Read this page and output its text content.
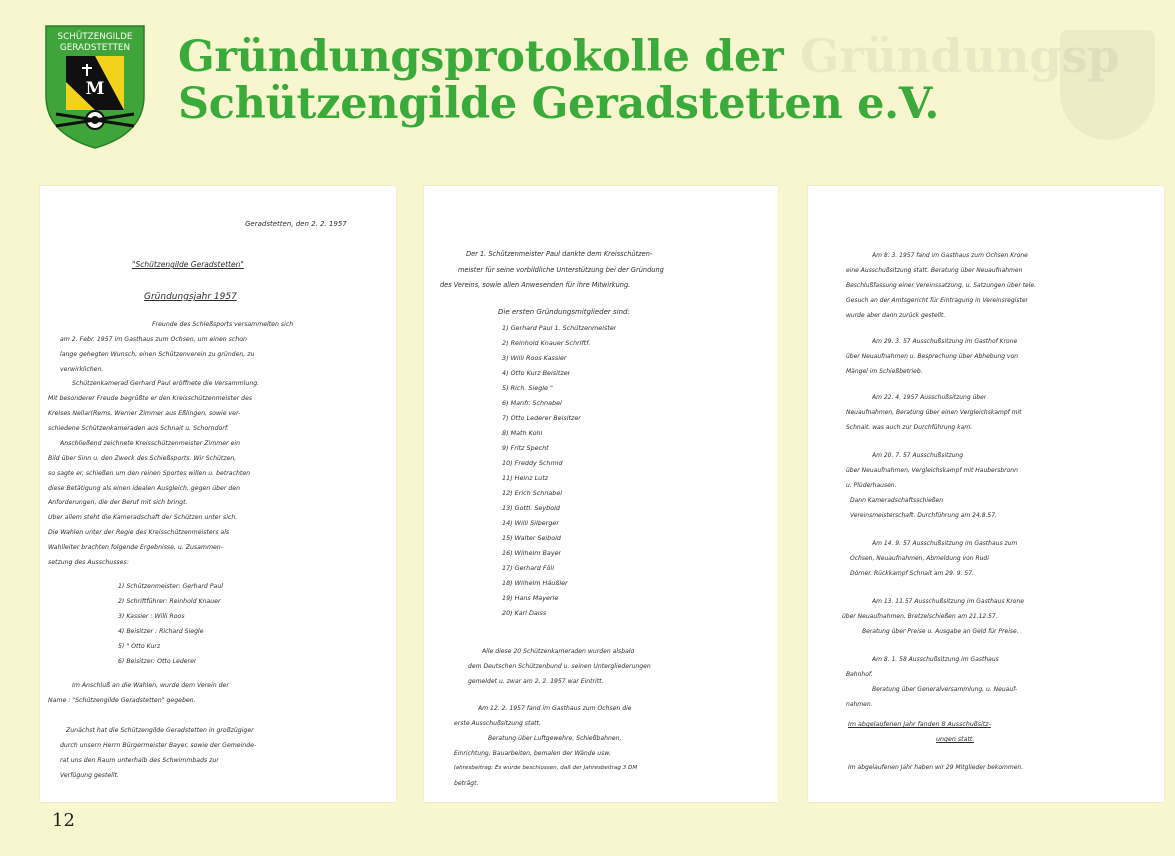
Gründungsp
M
SCHÜTZENGILDE
GERADSTETTEN Gründungsprotokolle der
Schützengilde Geradstetten e.V.

Geradstetten, den 2. 2. 1957

"Schützengilde Geradstetten"

Gründungsjahr 1957

Freunde des Schießsports versammelten sich

am 2. Febr. 1957 im Gasthaus zum Ochsen, um einen schon

lange gehegten Wunsch, einen Schützenverein zu gründen, zu

verwirklichen.

Schützenkamerad Gerhard Paul eröffnete die Versammlung.

Mit besonderer Freude begrüßte er den Kreisschützenmeister des

Kreises Nellar(Rems, Werner Zimmer aus Eßlingen, sowie ver-

schiedene Schützenkameraden aus Schnait u. Schorndorf.

Anschließend zeichnete Kreisschützenmeister Zimmer ein

Bild über Sinn u. den Zweck des Schießsports. Wir Schützen,

so sagte er, schießen um den reinen Sportes willen u. betrachten

diese Betätigung als einen idealen Ausgleich, gegen über den

Anforderungen, die der Beruf mit sich bringt.

Über allem steht die Kameradschaft der Schützen unter sich.

Die Wahlen unter der Regie des Kreisschützenmeisters als

Wahlleiter brachten folgende Ergebnisse, u. Zusammen-

setzung des Ausschusses:

1) Schützenmeister: Gerhard Paul

2) Schriftführer: Reinhold Knauer

3) Kassier : Willi Roos

4) Beisitzer : Richard Siegle

5) " Otto Kurz

6) Beisitzer: Otto Lederer

Im Anschluß an die Wahlen, wurde dem Verein der

Name : "Schützengilde Geradstetten" gegeben.

Zunächst hat die Schützengilde Geradstetten in großzügiger

durch unsern Herrn Bürgermeister Bayer, sowie der Gemeinde-

rat uns den Raum unterhalb des Schwimmbads zur

Verfügung gestellt.

Der 1. Schützenmeister Paul dankte dem Kreisschützen-

meister für seine vorbildliche Unterstützung bei der Gründung

des Vereins, sowie allen Anwesenden für ihre Mitwirkung.

Die ersten Gründungsmitglieder sind:

1) Gerhard Paul 1. Schützenmeister

2) Reinhold Knauer Schriftf.

3) Willi Roos Kassier

4) Otto Kurz Beisitzer

5) Rich. Siegle "

6) Manfr. Schnabel

7) Otto Lederer Beisitzer

8) Math Kohl

9) Fritz Specht

10) Freddy Schmid

11) Heinz Lutz

12) Erich Schnabel

13) Gottl. Seybold

14) Willi Silberger

15) Walter Seibold

16) Wilhelm Bayer

17) Gerhard Föll

18) Wilhelm Häußler

19) Hans Mayerle

20) Karl Daiss

Alle diese 20 Schützenkameraden wurden alsbald

dem Deutschen Schützenbund u. seinen Untergliederungen

gemeldet u. zwar am 2. 2. 1957 war Eintritt.

Am 12. 2. 1957 fand im Gasthaus zum Ochsen die

erste Ausschußsitzung statt.

Beratung über Luftgewehre, Schießbahnen,

Einrichtung, Bauarbeiten, bemalen der Wände usw.

Jahresbeitrag: Es wurde beschlossen, daß der Jahresbeitrag 3 DM

beträgt.

Am 8. 3. 1957 fand im Gasthaus zum Ochsen Krone

eine Ausschußsitzung statt. Beratung über Neuaufnahmen

Beschlußfassung einer Vereinssatzung. u. Satzungen über tele.

Gesuch an der Amtsgericht für Eintragung in Vereinsregister

wurde aber dann zurück gestellt.

Am 29. 3. 57 Ausschußsitzung im Gasthof Krone

über Neuaufnahmen u. Besprechung über Abhebung von

Mängel im Schießbetrieb.

Am 22. 4. 1957 Ausschußsitzung über

Neuaufnahmen, Beratung über einen Vergleichskampf mit

Schnait. was auch zur Durchführung kam.

Am 20. 7. 57 Ausschußsitzung

über Neuaufnahmen, Vergleichskampf mit Haubersbronn

u. Plüderhausen.

Dann Kameradschaftsschießen

Vereinsmeisterschaft. Durchführung am 24.8.57.

Am 14. 9. 57 Ausschußsitzung im Gasthaus zum

Ochsen, Neuaufnahmen, Abmeldung von Rudi

Dörner. Rückkampf Schnait am 29. 9. 57.

Am 13. 11.57 Ausschußsitzung im Gasthaus Krone

über Neuaufnahmen, Bretzelschießen am 21.12.57.

Beratung über Preise u. Ausgabe an Geld für Preise.

Am 8. 1. 58 Ausschußsitzung im Gasthaus

Bahnhof.

Beratung über Generalversammlung, u. Neuauf-

nahmen.

Im abgelaufenen Jahr fanden 8 Ausschußsitz-

ungen statt.

Im abgelaufenen Jahr haben wir 29 Mitglieder bekommen.

12
